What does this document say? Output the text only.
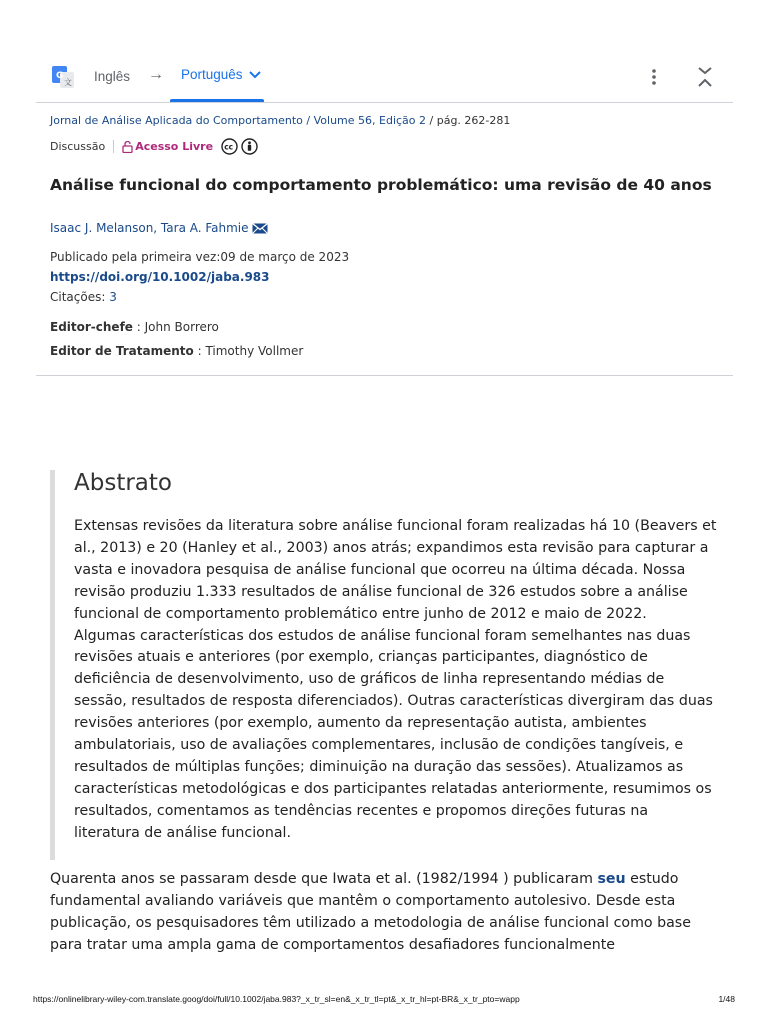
G
文 Inglês → Português
Jornal de Análise Aplicada do Comportamento / Volume 56, Edição 2 / pág. 262-281
Discussão	Acesso Livre cc
Análise funcional do comportamento problemático: uma revisão de 40 anos
Isaac J. Melanson, Tara A. Fahmie
Publicado pela primeira vez:09 de março de 2023
https://doi.org/10.1002/jaba.983
Citações: 3
Editor-chefe : John Borrero
Editor de Tratamento : Timothy Vollmer
Abstrato
Extensas revisões da literatura sobre análise funcional foram realizadas há 10 (Beavers et
al., 2013) e 20 (Hanley et al., 2003) anos atrás; expandimos esta revisão para capturar a
vasta e inovadora pesquisa de análise funcional que ocorreu na última década. Nossa
revisão produziu 1.333 resultados de análise funcional de 326 estudos sobre a análise
funcional de comportamento problemático entre junho de 2012 e maio de 2022.
Algumas características dos estudos de análise funcional foram semelhantes nas duas
revisões atuais e anteriores (por exemplo, crianças participantes, diagnóstico de
deficiência de desenvolvimento, uso de gráficos de linha representando médias de
sessão, resultados de resposta diferenciados). Outras características divergiram das duas
revisões anteriores (por exemplo, aumento da representação autista, ambientes
ambulatoriais, uso de avaliações complementares, inclusão de condições tangíveis, e
resultados de múltiplas funções; diminuição na duração das sessões). Atualizamos as
características metodológicas e dos participantes relatadas anteriormente, resumimos os
resultados, comentamos as tendências recentes e propomos direções futuras na
literatura de análise funcional.
Quarenta anos se passaram desde que Iwata et al. (1982/1994 ) publicaram seu estudo
fundamental avaliando variáveis que mantêm o comportamento autolesivo. Desde esta
publicação, os pesquisadores têm utilizado a metodologia de análise funcional como base
para tratar uma ampla gama de comportamentos desafiadores funcionalmente
https://onlinelibrary-wiley-com.translate.goog/doi/full/10.1002/jaba.983?_x_tr_sl=en&_x_tr_tl=pt&_x_tr_hl=pt-BR&_x_tr_pto=wapp	1/48
